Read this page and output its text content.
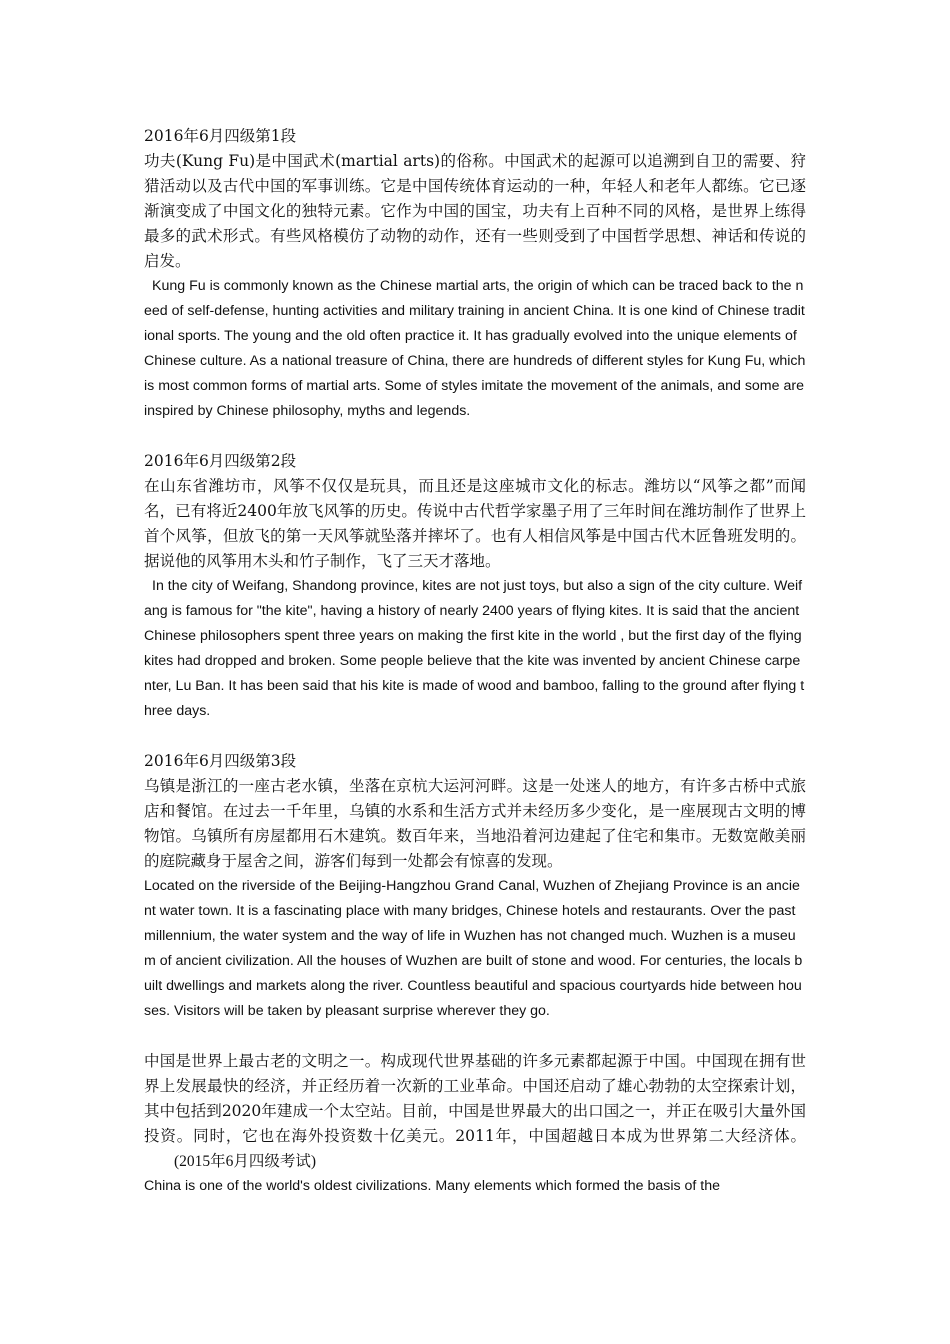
2016年6月四级第1段

功夫(Kung Fu)是中国武术(martial arts)的俗称。中国武术的起源可以追溯到自卫的需要、狩猎活动以及古代中国的军事训练。它是中国传统体育运动的一种，年轻人和老年人都练。它已逐渐演变成了中国文化的独特元素。它作为中国的国宝，功夫有上百种不同的风格，是世界上练得最多的武术形式。有些风格模仿了动物的动作，还有一些则受到了中国哲学思想、神话和传说的启发。

Kung Fu is commonly known as the Chinese martial arts, the origin of which can be traced back to the need of self-defense, hunting activities and military training in ancient China. It is one kind of Chinese traditional sports. The young and the old often practice it. It has gradually evolved into the unique elements of Chinese culture. As a national treasure of China, there are hundreds of different styles for Kung Fu, which is most common forms of martial arts. Some of styles imitate the movement of the animals, and some are inspired by Chinese philosophy, myths and legends.

2016年6月四级第2段

在山东省潍坊市，风筝不仅仅是玩具，而且还是这座城市文化的标志。潍坊以“风筝之都”而闻名，已有将近2400年放飞风筝的历史。传说中古代哲学家墨子用了三年时间在潍坊制作了世界上首个风筝，但放飞的第一天风筝就坠落并摔坏了。也有人相信风筝是中国古代木匠鲁班发明的。据说他的风筝用木头和竹子制作，飞了三天才落地。

In the city of Weifang, Shandong province, kites are not just toys, but also a sign of the city culture. Weifang is famous for "the kite", having a history of nearly 2400 years of flying kites. It is said that the ancient Chinese philosophers spent three years on making the first kite in the world , but the first day of the flying kites had dropped and broken. Some people believe that the kite was invented by ancient Chinese carpenter, Lu Ban. It has been said that his kite is made of wood and bamboo, falling to the ground after flying three days.

2016年6月四级第3段

乌镇是浙江的一座古老水镇，坐落在京杭大运河河畔。这是一处迷人的地方，有许多古桥中式旅店和餐馆。在过去一千年里，乌镇的水系和生活方式并未经历多少变化，是一座展现古文明的博物馆。乌镇所有房屋都用石木建筑。数百年来，当地沿着河边建起了住宅和集市。无数宽敞美丽的庭院藏身于屋舍之间，游客们每到一处都会有惊喜的发现。

Located on the riverside of the Beijing-Hangzhou Grand Canal, Wuzhen of Zhejiang Province is an ancient water town. It is a fascinating place with many bridges, Chinese hotels and restaurants. Over the past millennium, the water system and the way of life in Wuzhen has not changed much. Wuzhen is a museum of ancient civilization. All the houses of Wuzhen are built of stone and wood. For centuries, the locals built dwellings and markets along the river. Countless beautiful and spacious courtyards hide between houses. Visitors will be taken by pleasant surprise wherever they go.

中国是世界上最古老的文明之一。构成现代世界基础的许多元素都起源于中国。中国现在拥有世界上发展最快的经济，并正经历着一次新的工业革命。中国还启动了雄心勃勃的太空探索计划，其中包括到2020年建成一个太空站。目前，中国是世界最大的出口国之一，并正在吸引大量外国投资。同时，它也在海外投资数十亿美元。2011年，中国超越日本成为世界第二大经济体。(2015年6月四级考试)

China is one of the world's oldest civilizations. Many elements which formed the basis of the
